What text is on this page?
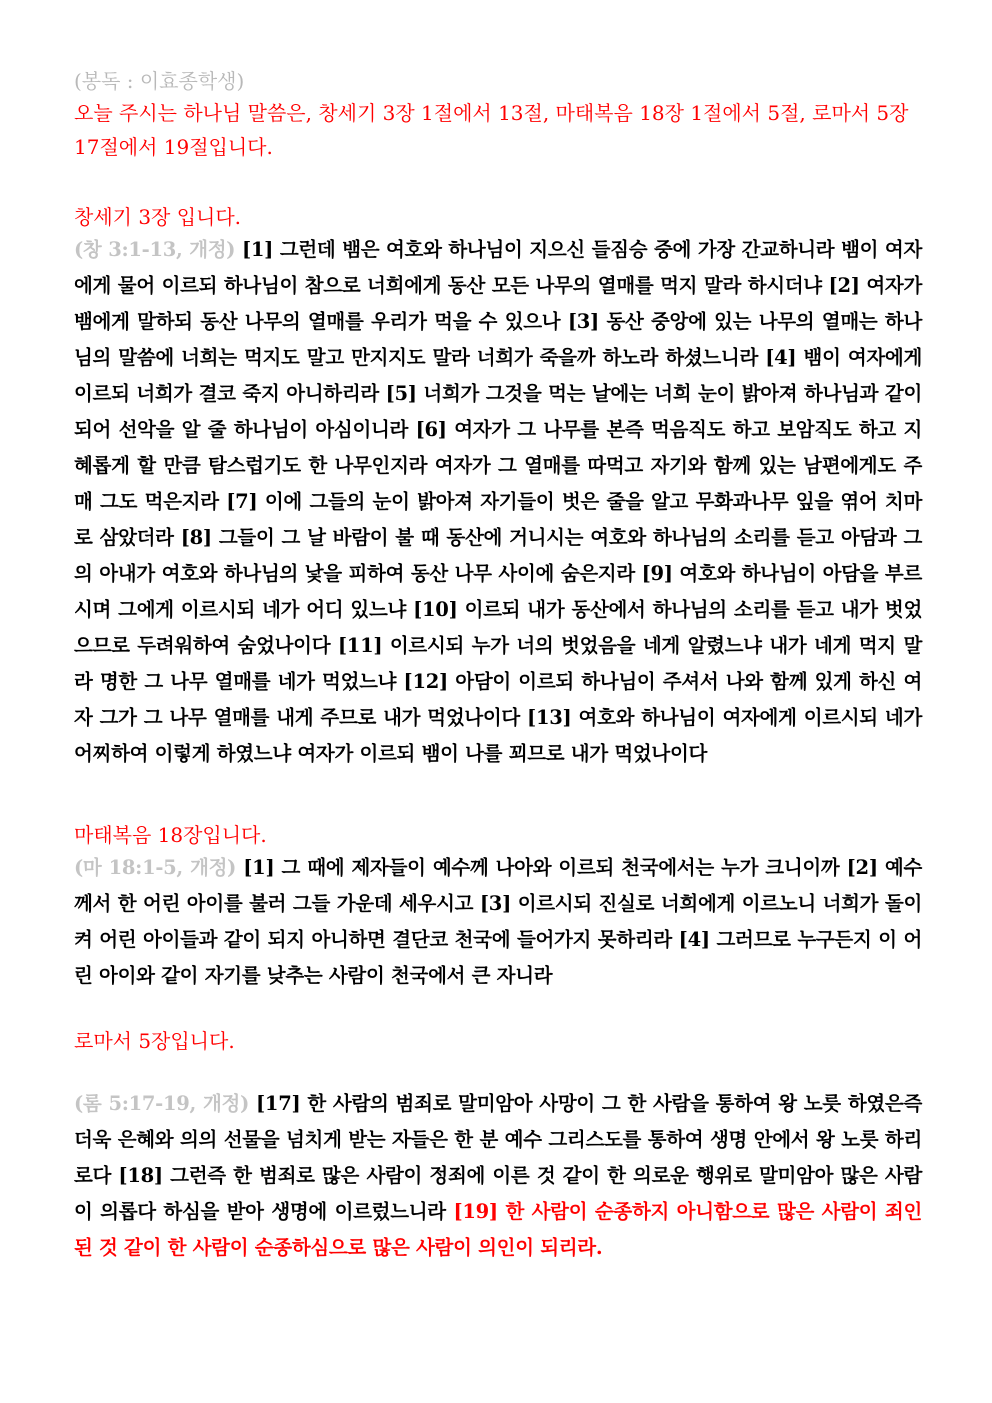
(봉독 : 이효종학생)

오늘 주시는 하나님 말씀은, 창세기 3장 1절에서 13절, 마태복음 18장 1절에서 5절, 로마서 5장 17절에서 19절입니다.

창세기 3장 입니다.

(창 3:1-13, 개정) [1] 그런데 뱀은 여호와 하나님이 지으신 들짐승 중에 가장 간교하니라 뱀이 여자에게 물어 이르되 하나님이 참으로 너희에게 동산 모든 나무의 열매를 먹지 말라 하시더냐 [2] 여자가 뱀에게 말하되 동산 나무의 열매를 우리가 먹을 수 있으나 [3] 동산 중앙에 있는 나무의 열매는 하나님의 말씀에 너희는 먹지도 말고 만지지도 말라 너희가 죽을까 하노라 하셨느니라 [4] 뱀이 여자에게 이르되 너희가 결코 죽지 아니하리라 [5] 너희가 그것을 먹는 날에는 너희 눈이 밝아져 하나님과 같이 되어 선악을 알 줄 하나님이 아심이니라 [6] 여자가 그 나무를 본즉 먹음직도 하고 보암직도 하고 지혜롭게 할 만큼 탐스럽기도 한 나무인지라 여자가 그 열매를 따먹고 자기와 함께 있는 남편에게도 주매 그도 먹은지라 [7] 이에 그들의 눈이 밝아져 자기들이 벗은 줄을 알고 무화과나무 잎을 엮어 치마로 삼았더라 [8] 그들이 그 날 바람이 불 때 동산에 거니시는 여호와 하나님의 소리를 듣고 아담과 그의 아내가 여호와 하나님의 낯을 피하여 동산 나무 사이에 숨은지라 [9] 여호와 하나님이 아담을 부르시며 그에게 이르시되 네가 어디 있느냐 [10] 이르되 내가 동산에서 하나님의 소리를 듣고 내가 벗었으므로 두려워하여 숨었나이다 [11] 이르시되 누가 너의 벗었음을 네게 알렸느냐 내가 네게 먹지 말라 명한 그 나무 열매를 네가 먹었느냐 [12] 아담이 이르되 하나님이 주셔서 나와 함께 있게 하신 여자 그가 그 나무 열매를 내게 주므로 내가 먹었나이다 [13] 여호와 하나님이 여자에게 이르시되 네가 어찌하여 이렇게 하였느냐 여자가 이르되 뱀이 나를 꾀므로 내가 먹었나이다

마태복음 18장입니다.

(마 18:1-5, 개정) [1] 그 때에 제자들이 예수께 나아와 이르되 천국에서는 누가 크니이까 [2] 예수께서 한 어린 아이를 불러 그들 가운데 세우시고 [3] 이르시되 진실로 너희에게 이르노니 너희가 돌이켜 어린 아이들과 같이 되지 아니하면 결단코 천국에 들어가지 못하리라 [4] 그러므로 누구든지 이 어린 아이와 같이 자기를 낮추는 사람이 천국에서 큰 자니라

로마서 5장입니다.

(롬 5:17-19, 개정) [17] 한 사람의 범죄로 말미암아 사망이 그 한 사람을 통하여 왕 노릇 하였은즉 더욱 은혜와 의의 선물을 넘치게 받는 자들은 한 분 예수 그리스도를 통하여 생명 안에서 왕 노릇 하리로다 [18] 그런즉 한 범죄로 많은 사람이 정죄에 이른 것 같이 한 의로운 행위로 말미암아 많은 사람이 의롭다 하심을 받아 생명에 이르렀느니라 [19] 한 사람이 순종하지 아니함으로 많은 사람이 죄인 된 것 같이 한 사람이 순종하심으로 많은 사람이 의인이 되리라.
